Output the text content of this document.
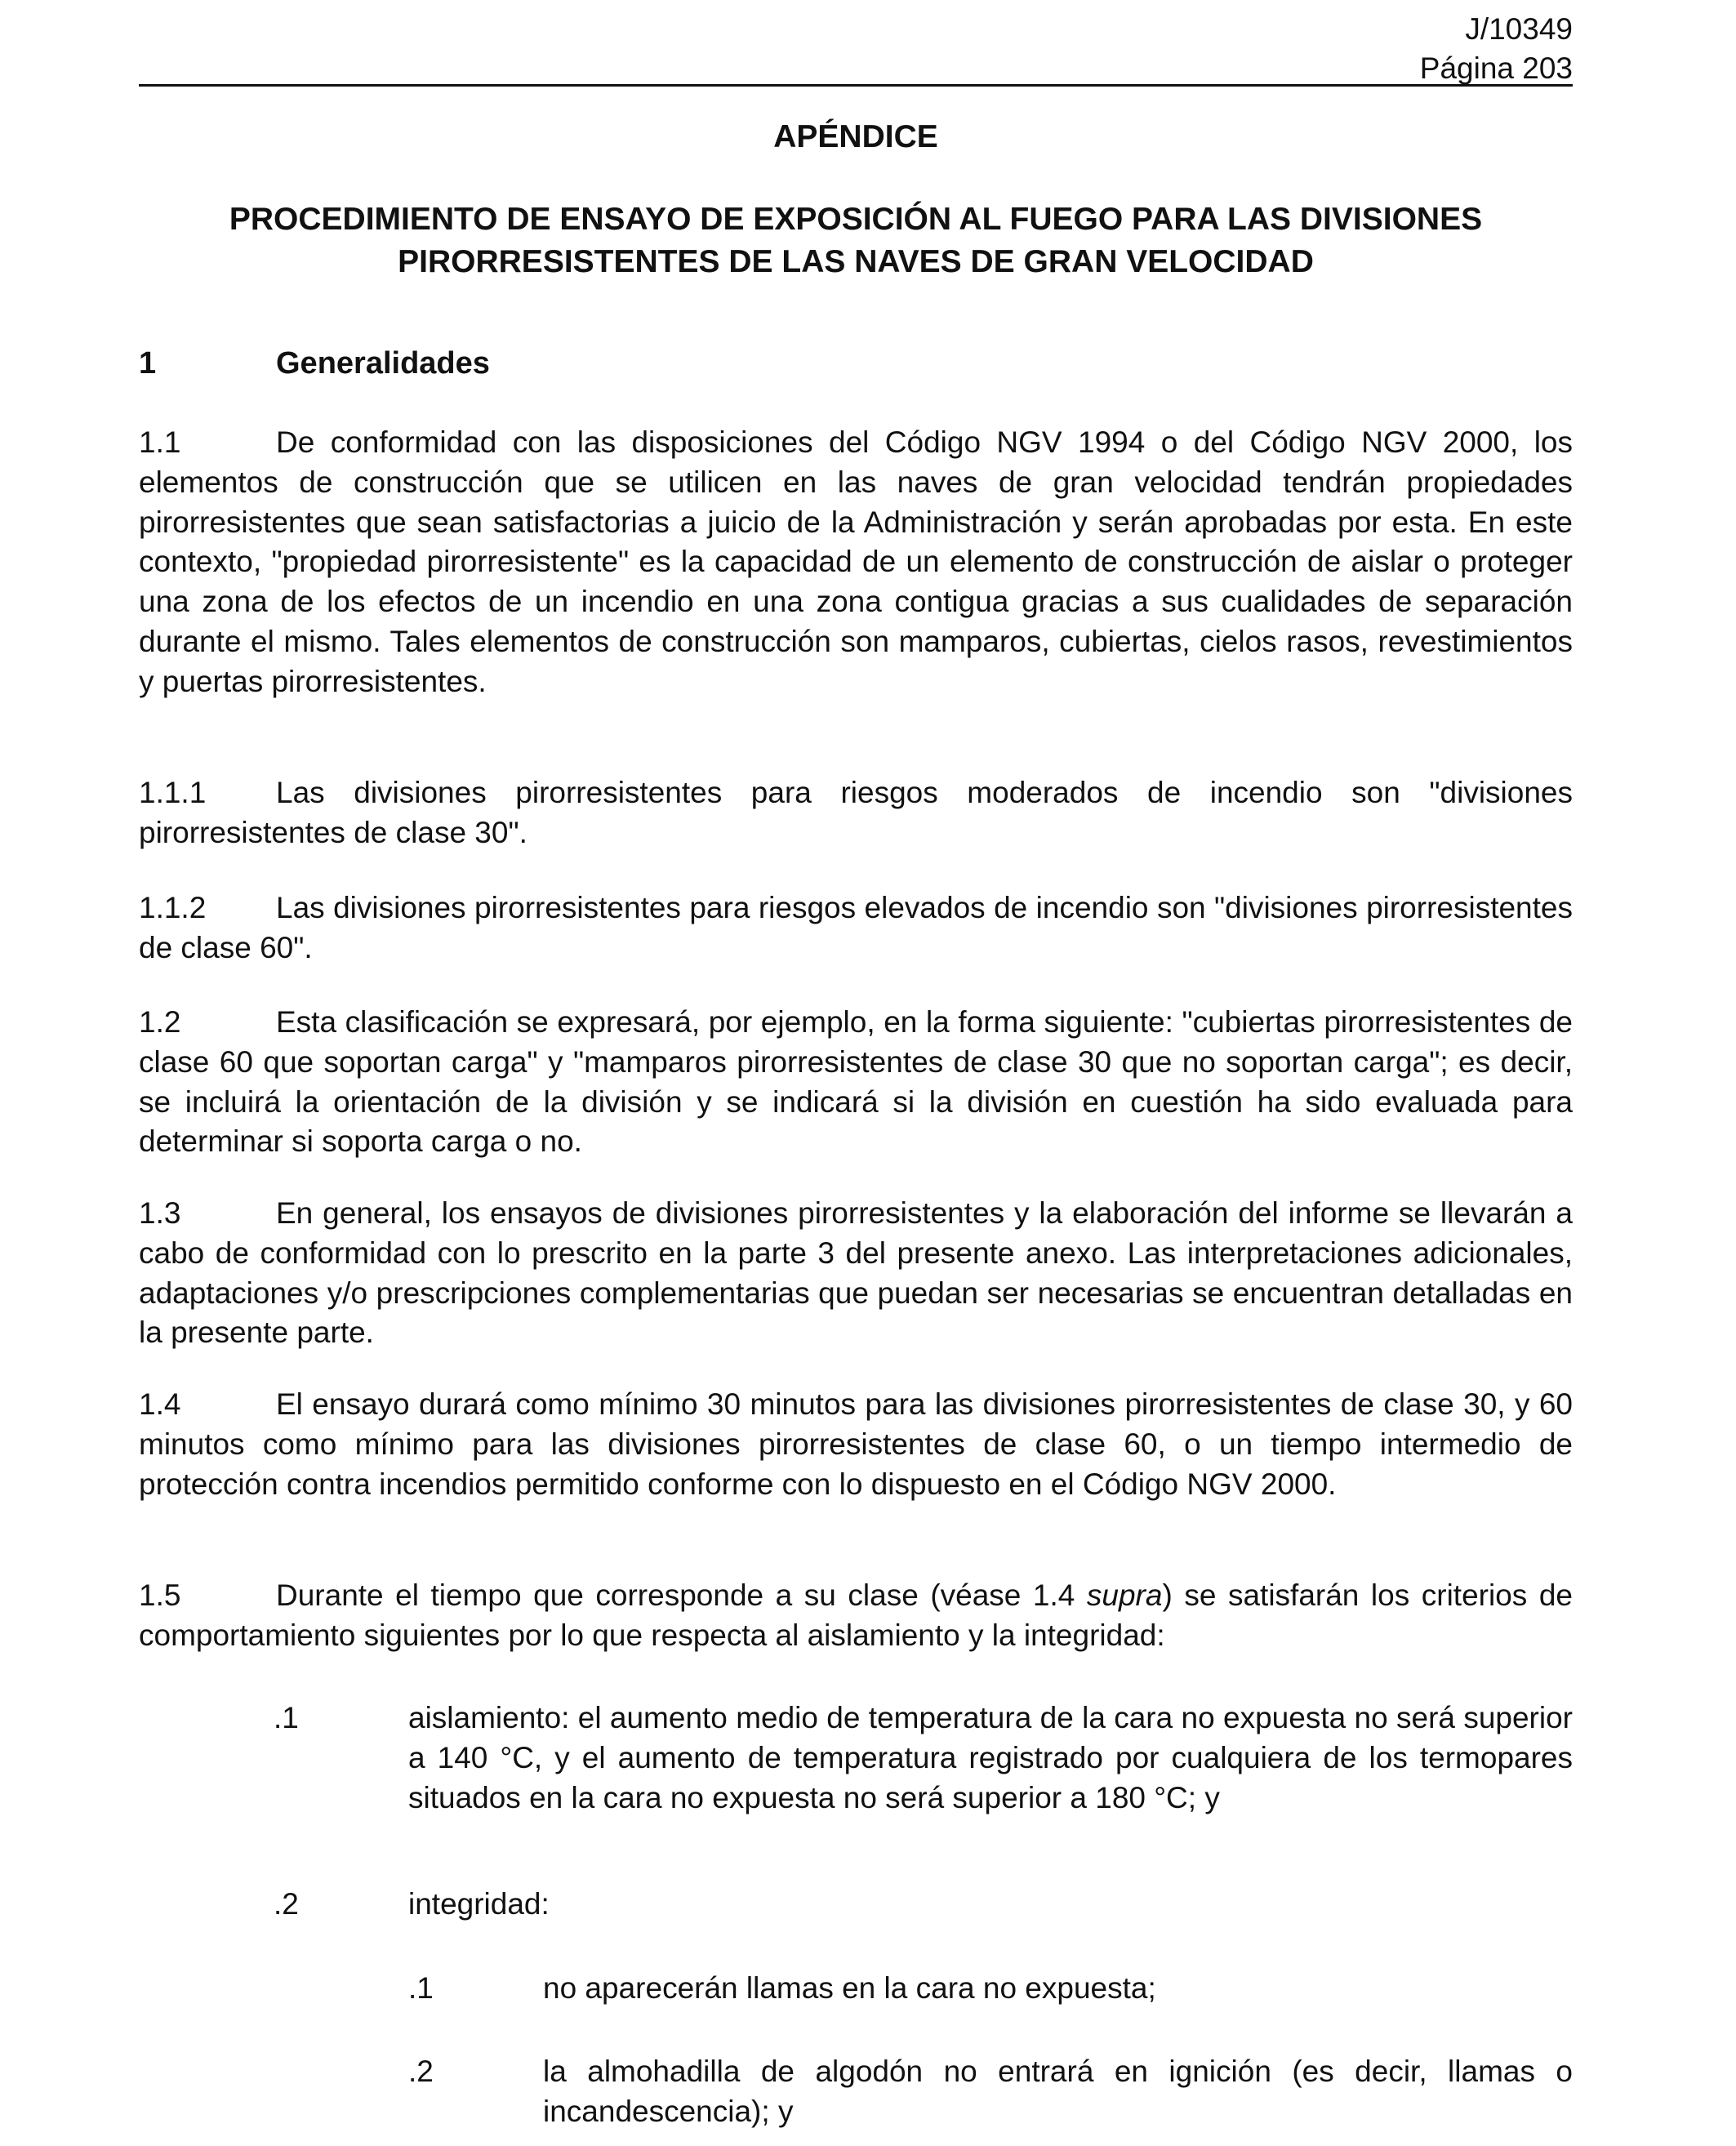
J/10349
Página 203
APÉNDICE
PROCEDIMIENTO DE ENSAYO DE EXPOSICIÓN AL FUEGO PARA LAS DIVISIONES PIRORRESISTENTES DE LAS NAVES DE GRAN VELOCIDAD
1	Generalidades
1.1	De conformidad con las disposiciones del Código NGV 1994 o del Código NGV 2000, los elementos de construcción que se utilicen en las naves de gran velocidad tendrán propiedades pirorresistentes que sean satisfactorias a juicio de la Administración y serán aprobadas por esta. En este contexto, "propiedad pirorresistente" es la capacidad de un elemento de construcción de aislar o proteger una zona de los efectos de un incendio en una zona contigua gracias a sus cualidades de separación durante el mismo. Tales elementos de construcción son mamparos, cubiertas, cielos rasos, revestimientos y puertas pirorresistentes.
1.1.1 Las divisiones pirorresistentes para riesgos moderados de incendio son "divisiones pirorresistentes de clase 30".
1.1.2 Las divisiones pirorresistentes para riesgos elevados de incendio son "divisiones pirorresistentes de clase 60".
1.2	Esta clasificación se expresará, por ejemplo, en la forma siguiente: "cubiertas pirorresistentes de clase 60 que soportan carga" y "mamparos pirorresistentes de clase 30 que no soportan carga"; es decir, se incluirá la orientación de la división y se indicará si la división en cuestión ha sido evaluada para determinar si soporta carga o no.
1.3	En general, los ensayos de divisiones pirorresistentes y la elaboración del informe se llevarán a cabo de conformidad con lo prescrito en la parte 3 del presente anexo. Las interpretaciones adicionales, adaptaciones y/o prescripciones complementarias que puedan ser necesarias se encuentran detalladas en la presente parte.
1.4	El ensayo durará como mínimo 30 minutos para las divisiones pirorresistentes de clase 30, y 60 minutos como mínimo para las divisiones pirorresistentes de clase 60, o un tiempo intermedio de protección contra incendios permitido conforme con lo dispuesto en el Código NGV 2000.
1.5	Durante el tiempo que corresponde a su clase (véase 1.4 supra) se satisfarán los criterios de comportamiento siguientes por lo que respecta al aislamiento y la integridad:
.1	aislamiento: el aumento medio de temperatura de la cara no expuesta no será superior a 140 °C, y el aumento de temperatura registrado por cualquiera de los termopares situados en la cara no expuesta no será superior a 180 °C; y
.2	integridad:
.1	no aparecerán llamas en la cara no expuesta;
.2	la almohadilla de algodón no entrará en ignición (es decir, llamas o incandescencia); y
